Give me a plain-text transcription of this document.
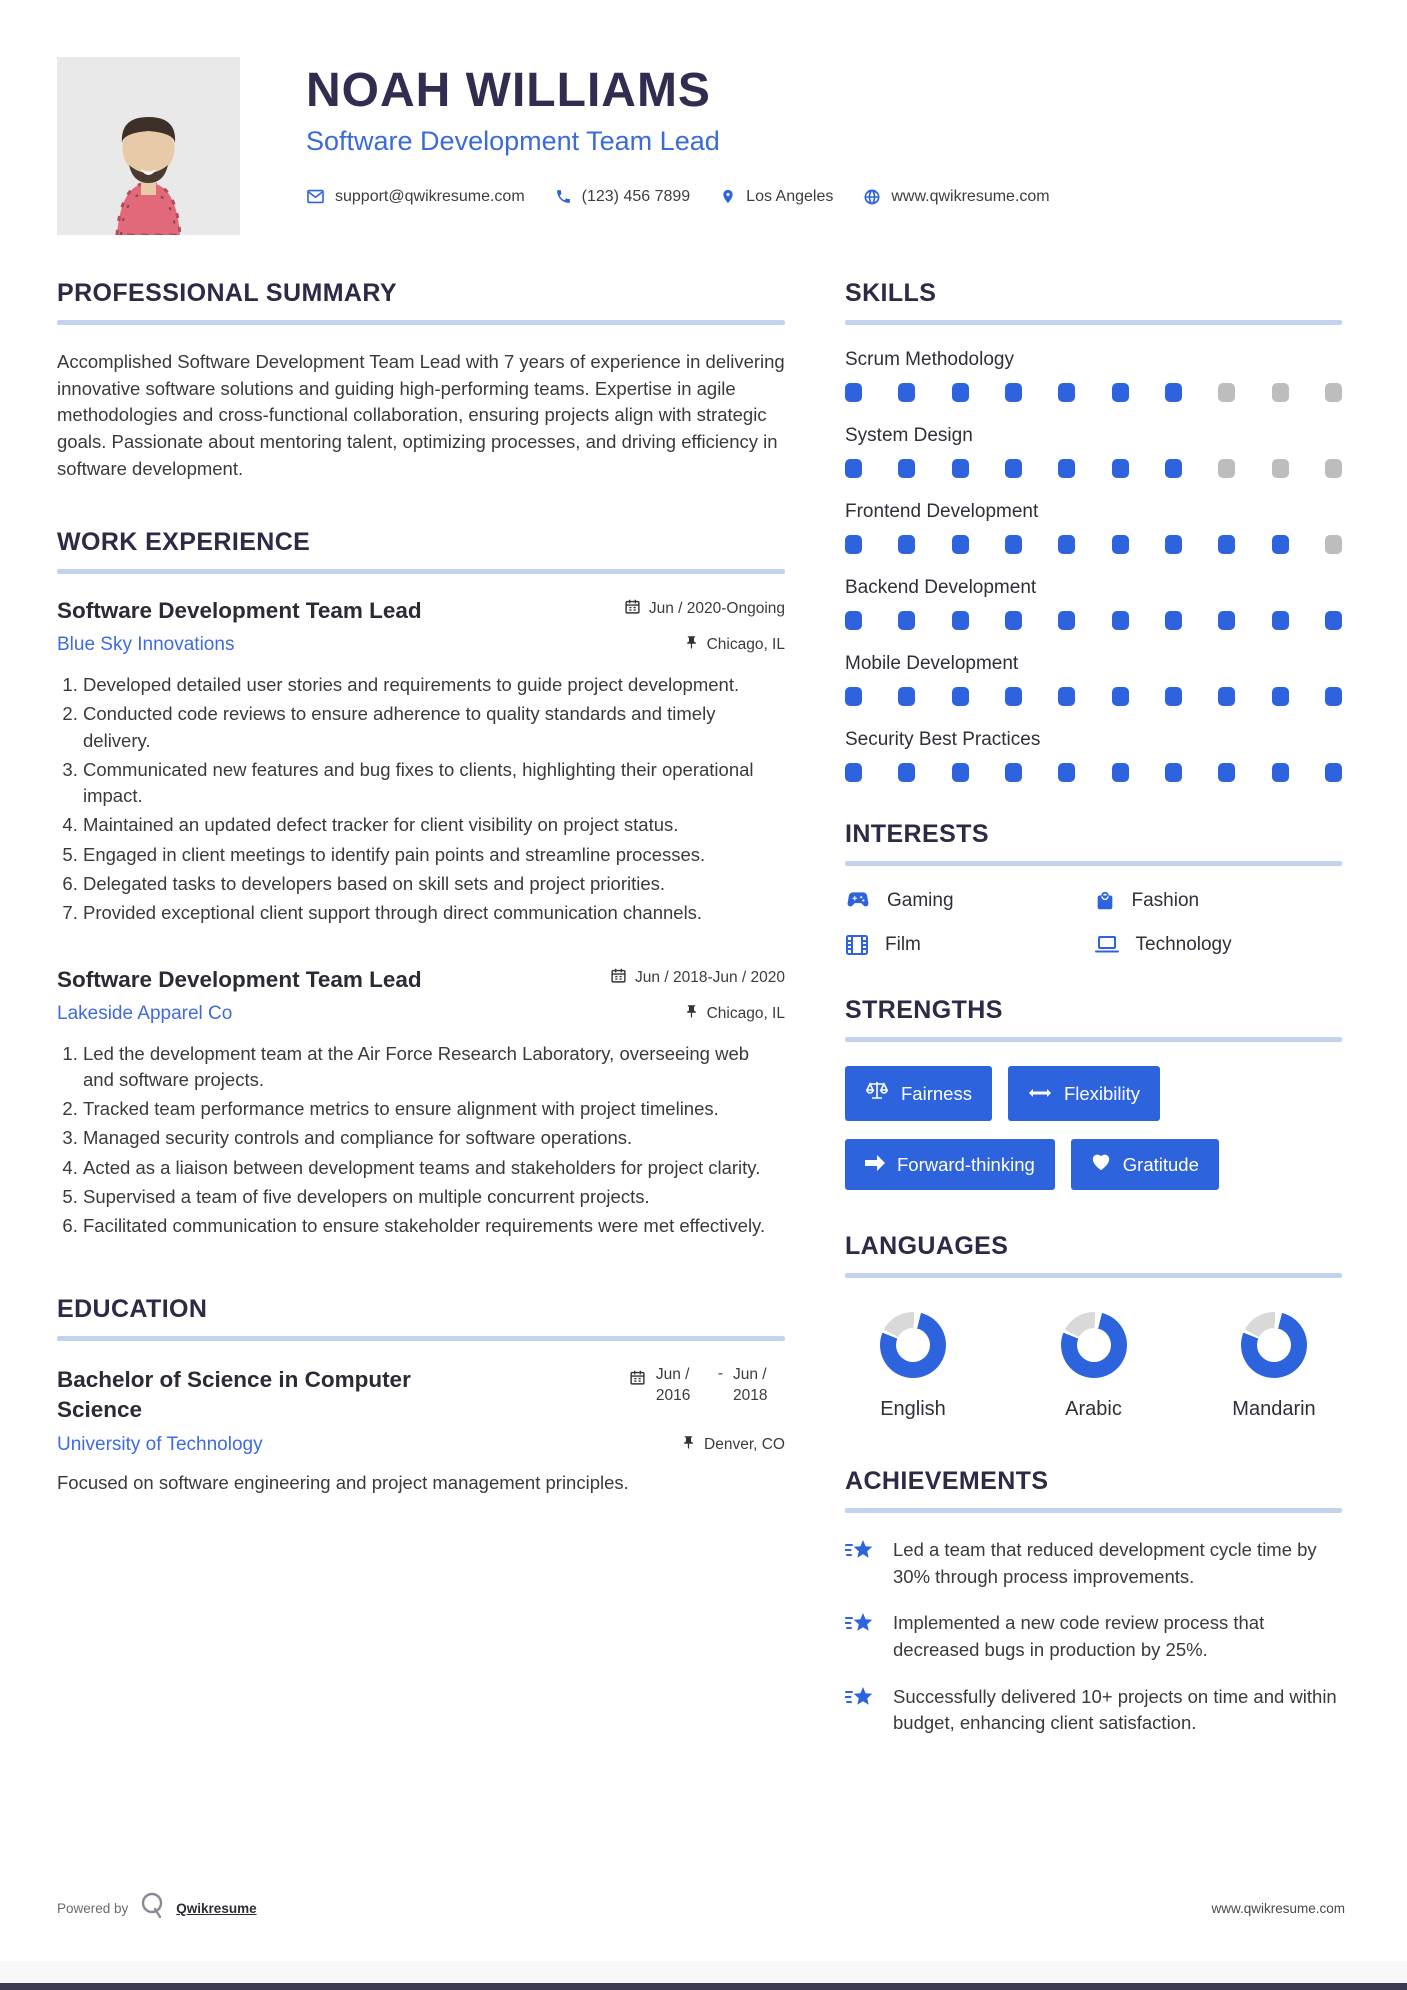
NOAH WILLIAMS
Software Development Team Lead
support@qwikresume.com	(123) 456 7899	Los Angeles	www.qwikresume.com
PROFESSIONAL SUMMARY

Accomplished Software Development Team Lead with 7 years of experience in delivering innovative software solutions and guiding high-performing teams. Expertise in agile methodologies and cross-functional collaboration, ensuring projects align with strategic goals. Passionate about mentoring talent, optimizing processes, and driving efficiency in software development.

WORK EXPERIENCE
Software Development Team Lead	Jun / 2020-Ongoing
Blue Sky Innovations	Chicago, IL
1. Developed detailed user stories and requirements to guide project development.
2. Conducted code reviews to ensure adherence to quality standards and timely delivery.
3. Communicated new features and bug fixes to clients, highlighting their operational impact.
4. Maintained an updated defect tracker for client visibility on project status.
5. Engaged in client meetings to identify pain points and streamline processes.
6. Delegated tasks to developers based on skill sets and project priorities.
7. Provided exceptional client support through direct communication channels.
Software Development Team Lead	Jun / 2018-Jun / 2020
Lakeside Apparel Co	Chicago, IL
1. Led the development team at the Air Force Research Laboratory, overseeing web and software projects.
2. Tracked team performance metrics to ensure alignment with project timelines.
3. Managed security controls and compliance for software operations.
4. Acted as a liaison between development teams and stakeholders for project clarity.
5. Supervised a team of five developers on multiple concurrent projects.
6. Facilitated communication to ensure stakeholder requirements were met effectively.
EDUCATION
Bachelor of Science in Computer Science
Jun / 2016
- Jun / 2018
University of Technology	Denver, CO

Focused on software engineering and project management principles.

SKILLS
Scrum Methodology
System Design
Frontend Development
Backend Development
Mobile Development
Security Best Practices
INTERESTS
Gaming	Fashion
Film	Technology
STRENGTHS
Fairness	Flexibility
Forward-thinking	Gratitude
LANGUAGES
English	Arabic	Mandarin
ACHIEVEMENTS
Led a team that reduced development cycle time by 30% through process improvements.
Implemented a new code review process that decreased bugs in production by 25%.
Successfully delivered 10+ projects on time and within budget, enhancing client satisfaction.
Powered by	Qwikresume	www.qwikresume.com
